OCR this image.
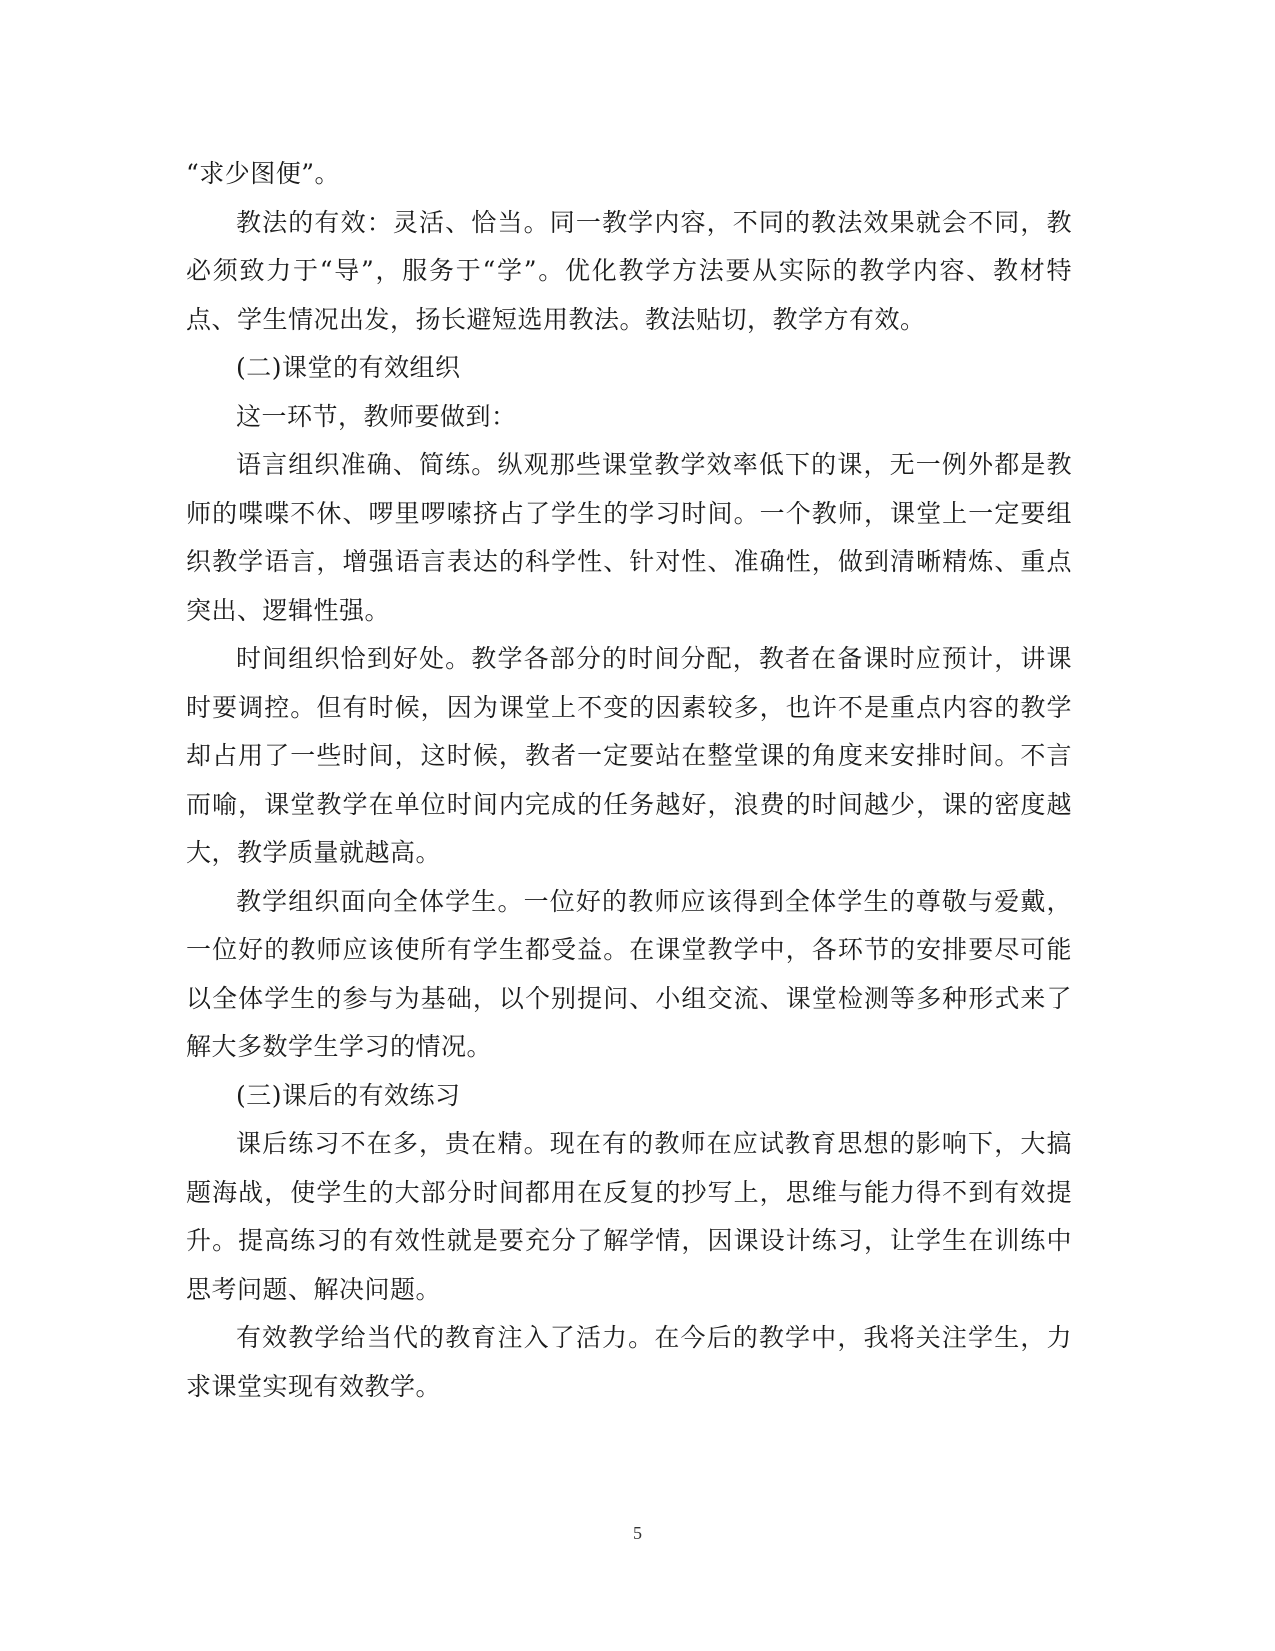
“求少图便”。

教法的有效：灵活、恰当。同一教学内容，不同的教法效果就会不同，教必须致力于“导”，服务于“学”。优化教学方法要从实际的教学内容、教材特点、学生情况出发，扬长避短选用教法。教法贴切，教学方有效。

(二)课堂的有效组织

这一环节，教师要做到：

语言组织准确、简练。纵观那些课堂教学效率低下的课，无一例外都是教师的喋喋不休、啰里啰嗦挤占了学生的学习时间。一个教师，课堂上一定要组织教学语言，增强语言表达的科学性、针对性、准确性，做到清晰精炼、重点突出、逻辑性强。

时间组织恰到好处。教学各部分的时间分配，教者在备课时应预计，讲课时要调控。但有时候，因为课堂上不变的因素较多，也许不是重点内容的教学却占用了一些时间，这时候，教者一定要站在整堂课的角度来安排时间。不言而喻，课堂教学在单位时间内完成的任务越好，浪费的时间越少，课的密度越大，教学质量就越高。

教学组织面向全体学生。一位好的教师应该得到全体学生的尊敬与爱戴，一位好的教师应该使所有学生都受益。在课堂教学中，各环节的安排要尽可能以全体学生的参与为基础，以个别提问、小组交流、课堂检测等多种形式来了解大多数学生学习的情况。

(三)课后的有效练习

课后练习不在多，贵在精。现在有的教师在应试教育思想的影响下，大搞题海战，使学生的大部分时间都用在反复的抄写上，思维与能力得不到有效提升。提高练习的有效性就是要充分了解学情，因课设计练习，让学生在训练中思考问题、解决问题。

有效教学给当代的教育注入了活力。在今后的教学中，我将关注学生，力求课堂实现有效教学。

5
